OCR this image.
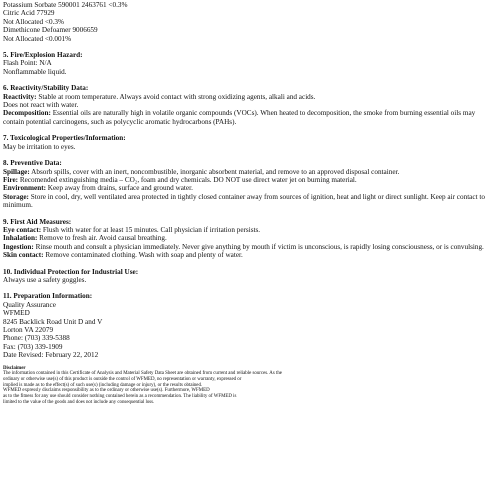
Potassium Sorbate 590001 2463761 <0.3%
Citric Acid 77929
Not Allocated <0.3%
Dimethicone Defoamer 9006659
Not Allocated <0.001%
5. Fire/Explosion Hazard:
Flash Point: N/A
Nonflammable liquid.
6. Reactivity/Stability Data:
Reactivity: Stable at room temperature. Always avoid contact with strong oxidizing agents, alkali and acids.
Does not react with water.
Decomposition: Essential oils are naturally high in volatile organic compounds (VOCs). When heated to decomposition, the smoke from burning essential oils may contain potential carcinogens, such as polycyclic aromatic hydrocarbons (PAHs).
7. Toxicological Properties/Information:
May be irritation to eyes.
8. Preventive Data:
Spillage: Absorb spills, cover with an inert, noncombustible, inorganic absorbent material, and remove to an approved disposal container.
Fire: Recomended extinguishing media – CO₂, foam and dry chemicals. DO NOT use direct water jet on burning material.
Environment: Keep away from drains, surface and ground water.
Storage: Store in cool, dry, well ventilated area protected in tightly closed container away from sources of ignition, heat and light or direct sunlight. Keep air contact to minimum.
9. First Aid Measures:
Eye contact: Flush with water for at least 15 minutes. Call physician if irritation persists.
Inhalation: Remove to fresh air. Avoid causal breathing.
Ingestion: Rinse mouth and consult a physician immediately. Never give anything by mouth if victim is unconscious, is rapidly losing consciousness, or is convulsing.
Skin contact: Remove contaminated clothing. Wash with soap and plenty of water.
10. Individual Protection for Industrial Use:
Always use a safety goggles.
11. Preparation Information:
Quality Assurance
WFMED
8245 Backlick Road Unit D and V
Lorton VA 22079
Phone: (703) 339-5388
Fax: (703) 339-1909
Date Revised: February 22, 2012
Disclaimer
The information contained in this Certificate of Analysis and Material Safety Data Sheet are obtained from current and reliable sources. As the
ordinary or otherwise use(s) of this product is outside the control of WFMED, no representation or warranty, expressed or
implied is made as to the effect(s) of such use(s) (including damage or injury), or the results obtained.
WFMED expressly disclaims responsibility as to the ordinary or otherwise use(s). Furthermore, WFMED
as to the fitness for any use should consider nothing contained herein as a recommendation. The liability of WFMED is
limited to the value of the goods and does not include any consequential loss.
